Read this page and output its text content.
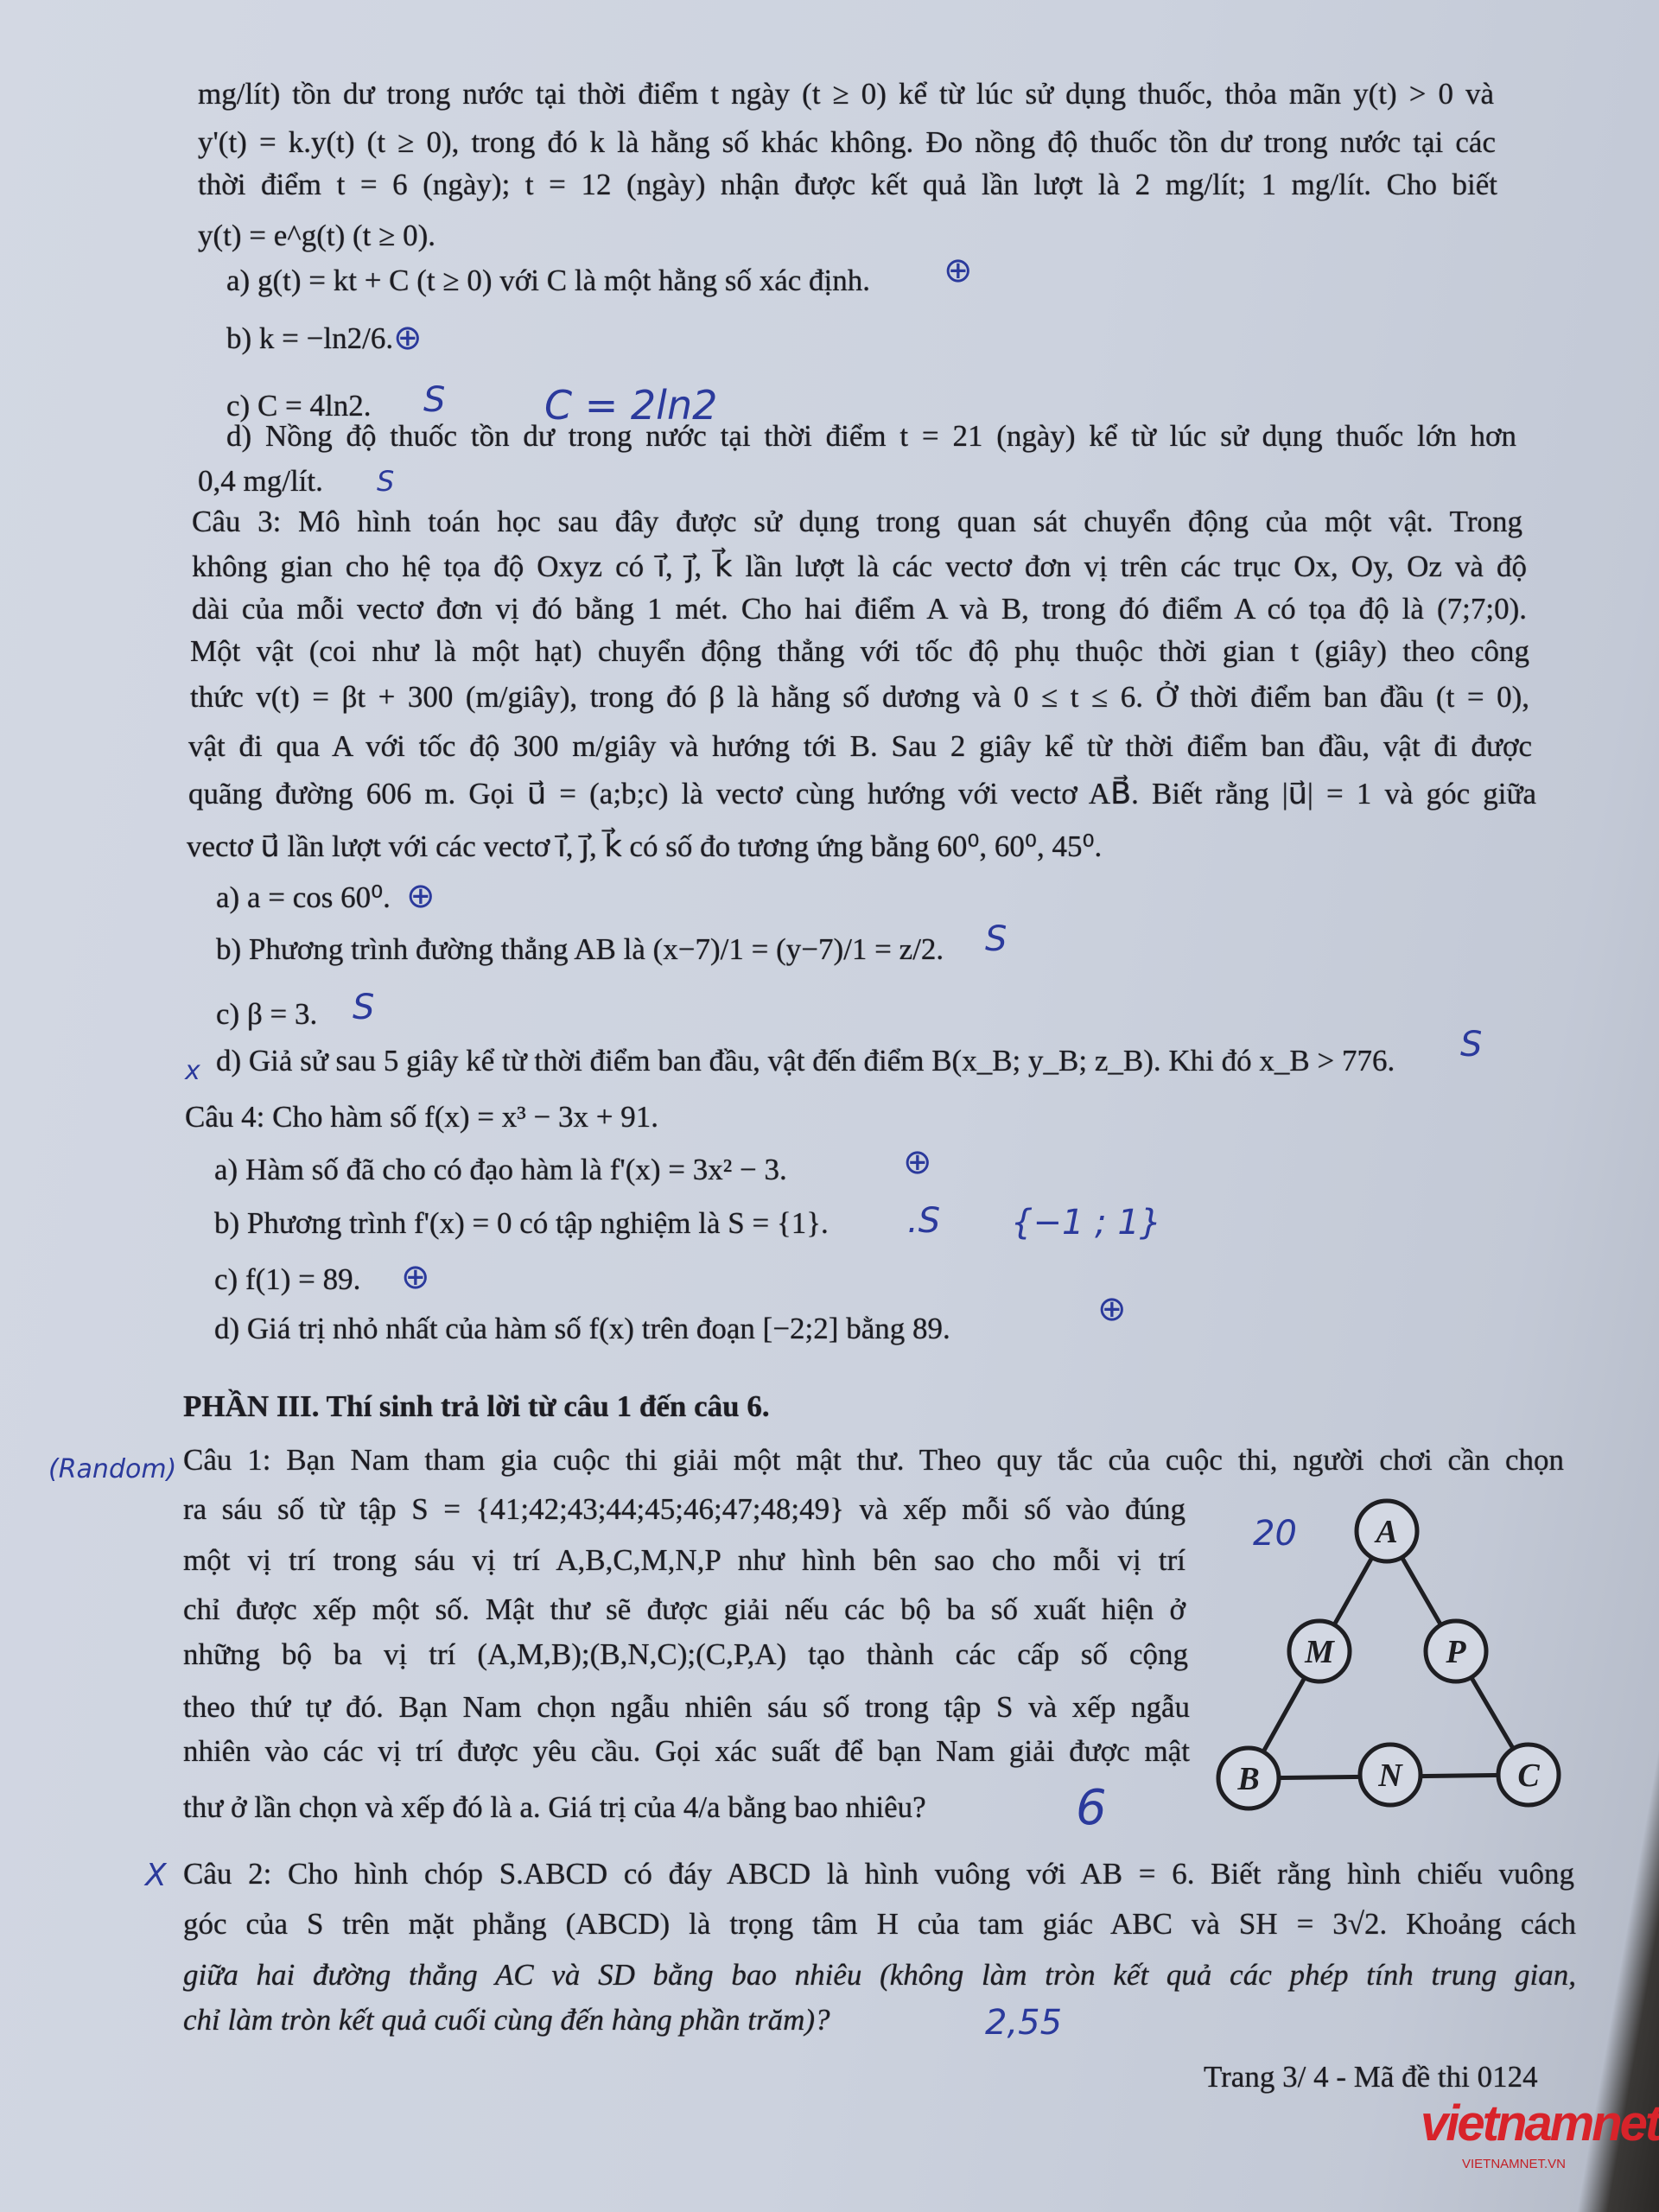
mg/lít) tồn dư trong nước tại thời điểm t ngày (t ≥ 0) kể từ lúc sử dụng thuốc, thỏa mãn y(t) > 0 và
y'(t) = k.y(t) (t ≥ 0), trong đó k là hằng số khác không. Đo nồng độ thuốc tồn dư trong nước tại các
thời điểm t = 6 (ngày); t = 12 (ngày) nhận được kết quả lần lượt là 2 mg/lít; 1 mg/lít. Cho biết
y(t) = e^g(t) (t ≥ 0).
a) g(t) = kt + C (t ≥ 0) với C là một hằng số xác định.
b) k = −ln2/6.
c) C = 4ln2.
d) Nồng độ thuốc tồn dư trong nước tại thời điểm t = 21 (ngày) kể từ lúc sử dụng thuốc lớn hơn
0,4 mg/lít.
Câu 3: Mô hình toán học sau đây được sử dụng trong quan sát chuyển động của một vật. Trong
không gian cho hệ tọa độ Oxyz có i⃗, j⃗, k⃗ lần lượt là các vectơ đơn vị trên các trục Ox, Oy, Oz và độ
dài của mỗi vectơ đơn vị đó bằng 1 mét. Cho hai điểm A và B, trong đó điểm A có tọa độ là (7;7;0).
Một vật (coi như là một hạt) chuyển động thẳng với tốc độ phụ thuộc thời gian t (giây) theo công
thức v(t) = βt + 300 (m/giây), trong đó β là hằng số dương và 0 ≤ t ≤ 6. Ở thời điểm ban đầu (t = 0),
vật đi qua A với tốc độ 300 m/giây và hướng tới B. Sau 2 giây kể từ thời điểm ban đầu, vật đi được
quãng đường 606 m. Gọi u⃗ = (a;b;c) là vectơ cùng hướng với vectơ AB⃗. Biết rằng |u⃗| = 1 và góc giữa
vectơ u⃗ lần lượt với các vectơ i⃗, j⃗, k⃗ có số đo tương ứng bằng 60⁰, 60⁰, 45⁰.
a) a = cos 60⁰.
b) Phương trình đường thẳng AB là (x−7)/1 = (y−7)/1 = z/2.
c) β = 3.
d) Giả sử sau 5 giây kể từ thời điểm ban đầu, vật đến điểm B(x_B; y_B; z_B). Khi đó x_B > 776.
Câu 4: Cho hàm số f(x) = x³ − 3x + 91.
a) Hàm số đã cho có đạo hàm là f'(x) = 3x² − 3.
b) Phương trình f'(x) = 0 có tập nghiệm là S = {1}.
c) f(1) = 89.
d) Giá trị nhỏ nhất của hàm số f(x) trên đoạn [−2;2] bằng 89.
PHẦN III. Thí sinh trả lời từ câu 1 đến câu 6.
Câu 1: Bạn Nam tham gia cuộc thi giải một mật thư. Theo quy tắc của cuộc thi, người chơi cần chọn
ra sáu số từ tập S = {41;42;43;44;45;46;47;48;49} và xếp mỗi số vào đúng
một vị trí trong sáu vị trí A,B,C,M,N,P như hình bên sao cho mỗi vị trí
chỉ được xếp một số. Mật thư sẽ được giải nếu các bộ ba số xuất hiện ở
những bộ ba vị trí (A,M,B);(B,N,C);(C,P,A) tạo thành các cấp số cộng
theo thứ tự đó. Bạn Nam chọn ngẫu nhiên sáu số trong tập S và xếp ngẫu
nhiên vào các vị trí được yêu cầu. Gọi xác suất để bạn Nam giải được mật
thư ở lần chọn và xếp đó là a. Giá trị của 4/a bằng bao nhiêu?
A
M	P
B	N	C
Câu 2: Cho hình chóp S.ABCD có đáy ABCD là hình vuông với AB = 6. Biết rằng hình chiếu vuông
góc của S trên mặt phẳng (ABCD) là trọng tâm H của tam giác ABC và SH = 3√2. Khoảng cách
giữa hai đường thẳng AC và SD bằng bao nhiêu (không làm tròn kết quả các phép tính trung gian,
chỉ làm tròn kết quả cuối cùng đến hàng phần trăm)?
Trang 3/ 4 - Mã đề thi 0124
⊕
⊕
S C = 2ln2
S
⊕
S
S
x
S
⊕
.S {−1 ; 1}
⊕
⊕
(Random)
20
6
X
2,55
vietnamnet
VIETNAMNET.VN
